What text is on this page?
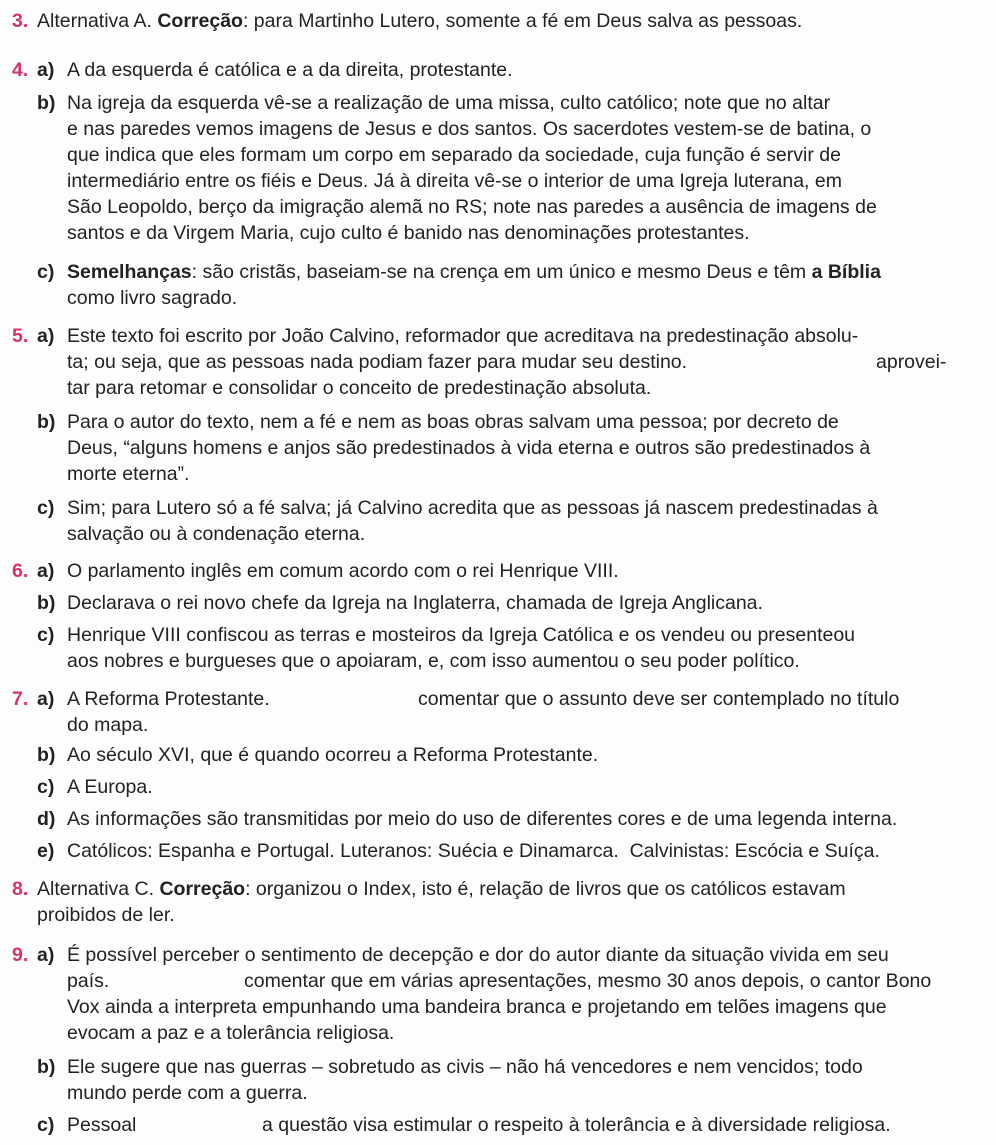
3. Alternativa A. Correção: para Martinho Lutero, somente a fé em Deus salva as pessoas.
4. a) A da esquerda é católica e a da direita, protestante.
b) Na igreja da esquerda vê-se a realização de uma missa, culto católico; note que no altar
e nas paredes vemos imagens de Jesus e dos santos. Os sacerdotes vestem-se de batina, o
que indica que eles formam um corpo em separado da sociedade, cuja função é servir de
intermediário entre os fiéis e Deus. Já à direita vê-se o interior de uma Igreja luterana, em
São Leopoldo, berço da imigração alemã no RS; note nas paredes a ausência de imagens de
santos e da Virgem Maria, cujo culto é banido nas denominações protestantes.
c) Semelhanças: são cristãs, baseiam-se na crença em um único e mesmo Deus e têm a Bíblia
como livro sagrado.
5. a) Este texto foi escrito por João Calvino, reformador que acreditava na predestinação absolu-
ta; ou seja, que as pessoas nada podiam fazer para mudar seu destino.	aprovei-
tar para retomar e consolidar o conceito de predestinação absoluta.
b) Para o autor do texto, nem a fé e nem as boas obras salvam uma pessoa; por decreto de
Deus, “alguns homens e anjos são predestinados à vida eterna e outros são predestinados à
morte eterna”.
c) Sim; para Lutero só a fé salva; já Calvino acredita que as pessoas já nascem predestinadas à
salvação ou à condenação eterna.
6. a) O parlamento inglês em comum acordo com o rei Henrique VIII.
b) Declarava o rei novo chefe da Igreja na Inglaterra, chamada de Igreja Anglicana.
c) Henrique VIII confiscou as terras e mosteiros da Igreja Católica e os vendeu ou presenteou
aos nobres e burgueses que o apoiaram, e, com isso aumentou o seu poder político.
7. a) A Reforma Protestante.	comentar que o assunto deve ser contemplado no título
do mapa.
b) Ao século XVI, que é quando ocorreu a Reforma Protestante.
c) A Europa.
d) As informações são transmitidas por meio do uso de diferentes cores e de uma legenda interna.
e) Católicos: Espanha e Portugal. Luteranos: Suécia e Dinamarca.  Calvinistas: Escócia e Suíça.
8. Alternativa C. Correção: organizou o Index, isto é, relação de livros que os católicos estavam
proibidos de ler.
9. a) É possível perceber o sentimento de decepção e dor do autor diante da situação vivida em seu
país.	comentar que em várias apresentações, mesmo 30 anos depois, o cantor Bono
Vox ainda a interpreta empunhando uma bandeira branca e projetando em telões imagens que
evocam a paz e a tolerância religiosa.
b) Ele sugere que nas guerras – sobretudo as civis – não há vencedores e nem vencidos; todo
mundo perde com a guerra.
c) Pessoal	a questão visa estimular o respeito à tolerância e à diversidade religiosa.
